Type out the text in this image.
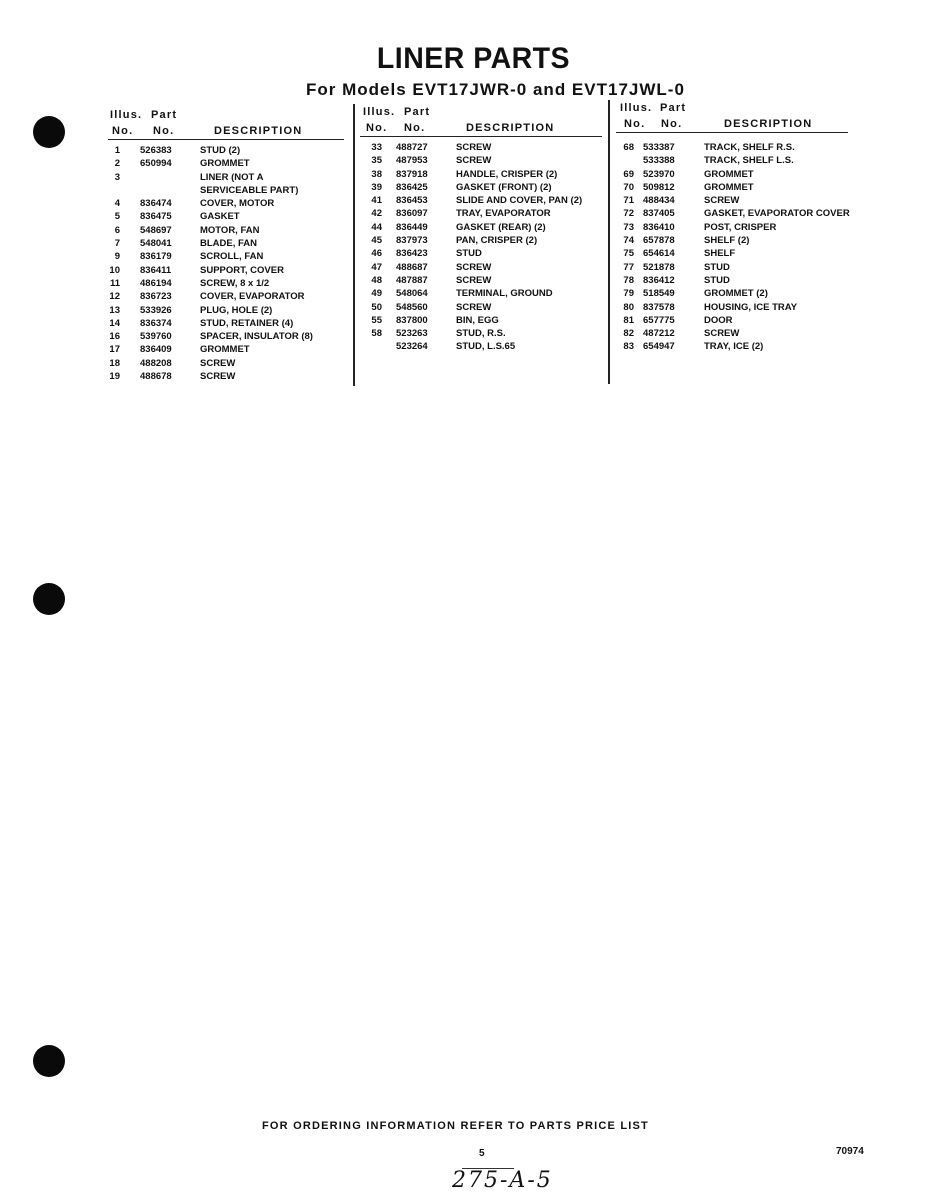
LINER PARTS
For Models EVT17JWR-0 and EVT17JWL-0
Illus. Part
No. No.	DESCRIPTION
1 526383	STUD (2)
2 650994	GROMMET
3	LINER (NOT A
SERVICEABLE PART)
4 836474	COVER, MOTOR
5 836475	GASKET
6 548697	MOTOR, FAN
7 548041	BLADE, FAN
9 836179	SCROLL, FAN
10 836411	SUPPORT, COVER
11 486194	SCREW, 8 x 1/2
12 836723	COVER, EVAPORATOR
13 533926	PLUG, HOLE (2)
14 836374	STUD, RETAINER (4)
16 539760	SPACER, INSULATOR (8)
17 836409	GROMMET
18 488208	SCREW
19 488678	SCREW
Illus. Part
No. No.	DESCRIPTION
33 488727	SCREW
35 487953	SCREW
38 837918	HANDLE, CRISPER (2)
39 836425	GASKET (FRONT) (2)
41 836453	SLIDE AND COVER, PAN (2)
42 836097	TRAY, EVAPORATOR
44 836449	GASKET (REAR) (2)
45 837973	PAN, CRISPER (2)
46 836423	STUD
47 488687	SCREW
48 487887	SCREW
49 548064	TERMINAL, GROUND
50 548560	SCREW
55 837800	BIN, EGG
58 523263	STUD, R.S.
523264	STUD, L.S.65
Illus. Part
No. No.	DESCRIPTION
68 533387	TRACK, SHELF R.S.
533388	TRACK, SHELF L.S.
69 523970	GROMMET
70 509812	GROMMET
71 488434	SCREW
72 837405	GASKET, EVAPORATOR COVER
73 836410	POST, CRISPER
74 657878	SHELF (2)
75 654614	SHELF
77 521878	STUD
78 836412	STUD
79 518549	GROMMET (2)
80 837578	HOUSING, ICE TRAY
81 657775	DOOR
82 487212	SCREW
83 654947	TRAY, ICE (2)
FOR ORDERING INFORMATION REFER TO PARTS PRICE LIST
5	70974
275-A-5
